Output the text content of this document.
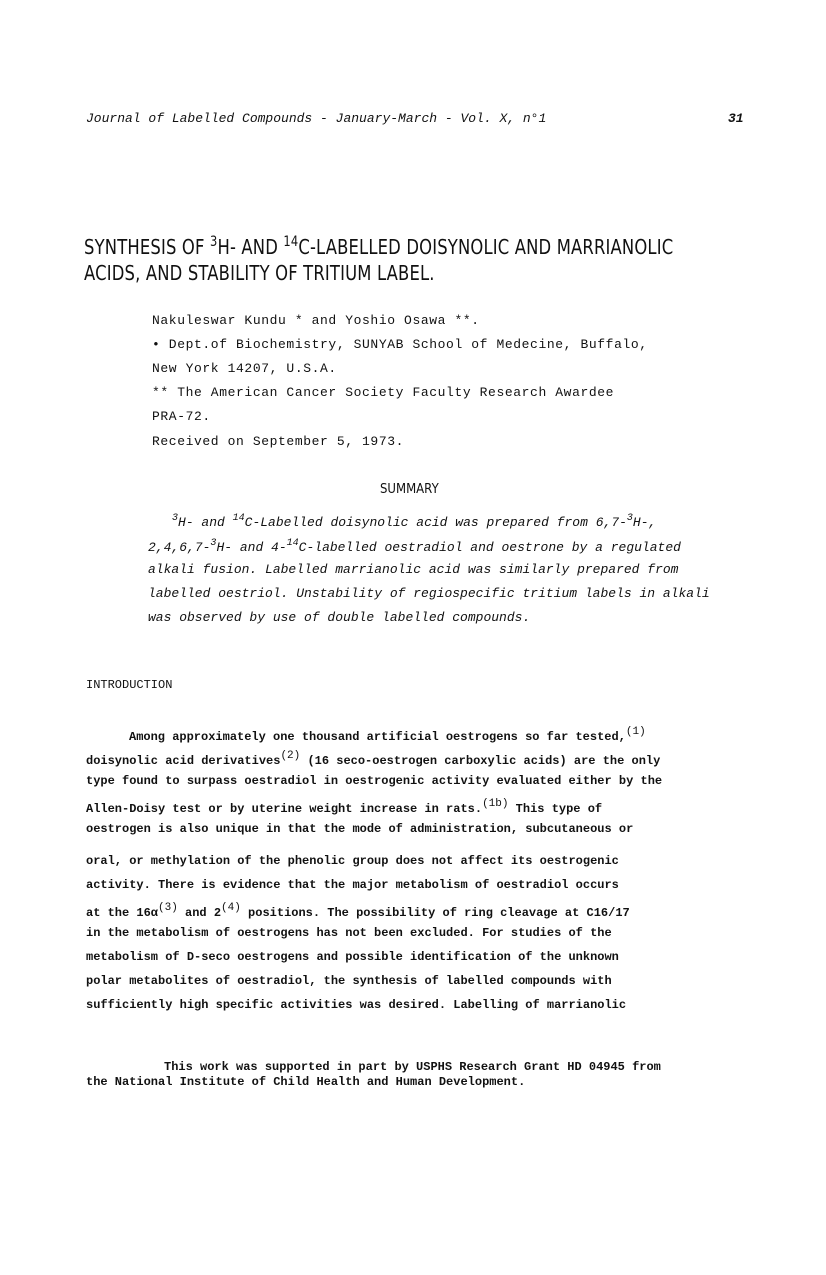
Journal of Labelled Compounds - January-March - Vol. X, n°1	31
SYNTHESIS OF $^3$H- AND $^{14}$C-LABELLED DOISYNOLIC AND MARRIANOLIC
ACIDS, AND STABILITY OF TRITIUM LABEL.
Nakuleswar Kundu * and Yoshio Osawa **.
• Dept.of Biochemistry, SUNYAB School of Medecine, Buffalo,
New York 14207, U.S.A.
** The American Cancer Society Faculty Research Awardee
PRA-72.
Received on September 5, 1973.
SUMMARY
$^3$H- and $^{14}$C-Labelled doisynolic acid was prepared from 6,7-$^3$H-,
2,4,6,7-$^3$H- and 4-$^{14}$C-labelled oestradiol and oestrone by a regulated
alkali fusion. Labelled marrianolic acid was similarly prepared from
labelled oestriol. Unstability of regiospecific tritium labels in alkali
was observed by use of double labelled compounds.
INTRODUCTION
Among approximately one thousand artificial oestrogens so far tested,$^{(1)}$
doisynolic acid derivatives$^{(2)}$ (16 seco-oestrogen carboxylic acids) are the only
type found to surpass oestradiol in oestrogenic activity evaluated either by the
Allen-Doisy test or by uterine weight increase in rats.$^{(1b)}$ This type of
oestrogen is also unique in that the mode of administration, subcutaneous or
oral, or methylation of the phenolic group does not affect its oestrogenic
activity. There is evidence that the major metabolism of oestradiol occurs
at the $16\alpha^{(3)}$ and 2$^{(4)}$ positions. The possibility of ring cleavage at C16/17
in the metabolism of oestrogens has not been excluded. For studies of the
metabolism of D-seco oestrogens and possible identification of the unknown
polar metabolites of oestradiol, the synthesis of labelled compounds with
sufficiently high specific activities was desired. Labelling of marrianolic
This work was supported in part by USPHS Research Grant HD 04945 from
the National Institute of Child Health and Human Development.
